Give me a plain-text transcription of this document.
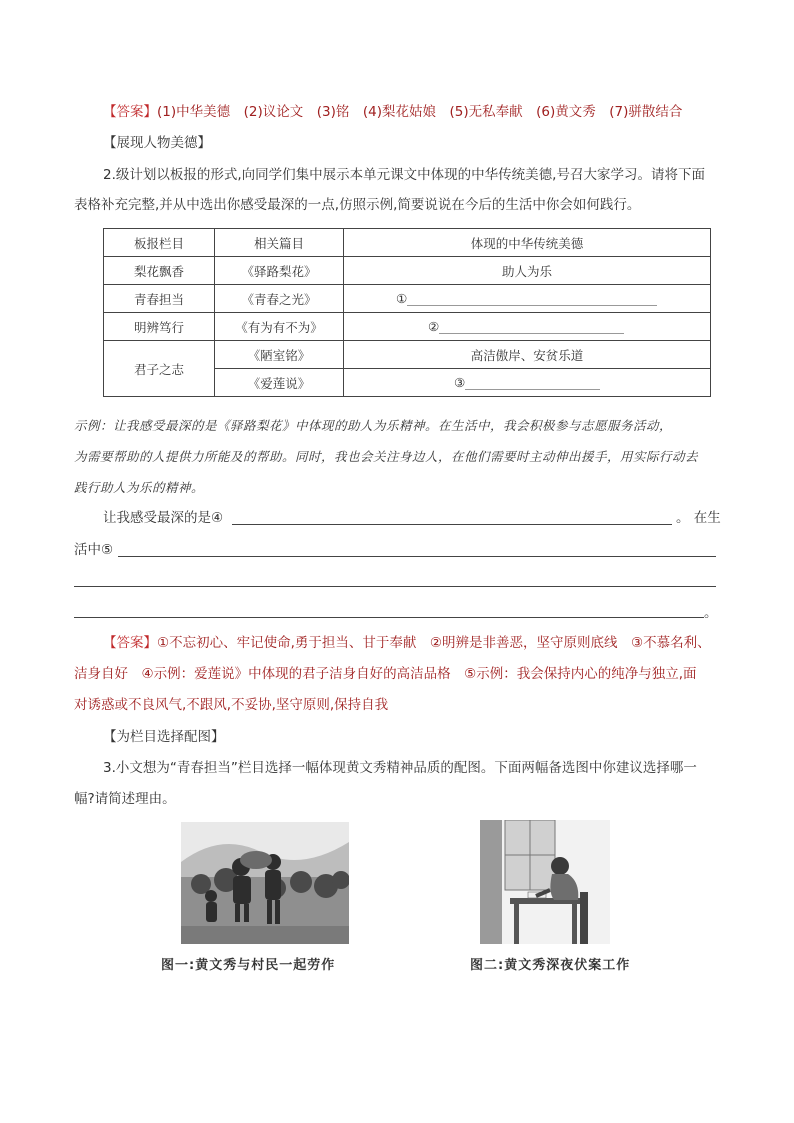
【答案】(1)中华美德　(2)议论文　(3)铭　(4)梨花姑娘　(5)无私奉献　(6)黄文秀　(7)骈散结合
【展现人物美德】
2.级计划以板报的形式,向同学们集中展示本单元课文中体现的中华传统美德,号召大家学习。请将下面
表格补充完整,并从中选出你感受最深的一点,仿照示例,简要说说在今后的生活中你会如何践行。
板报栏目	相关篇目	体现的中华传统美德
梨花飘香	《驿路梨花》	助人为乐
青春担当	《青春之光》	①
明辨笃行	《有为有不为》	②
君子之志	《陋室铭》	高洁傲岸、安贫乐道
	《爱莲说》	③
示例：让我感受最深的是《驿路梨花》中体现的助人为乐精神。在生活中，我会积极参与志愿服务活动，
为需要帮助的人提供力所能及的帮助。同时，我也会关注身边人，在他们需要时主动伸出援手，用实际行动去
践行助人为乐的精神。
让我感受最深的是④	。 在生
活中⑤
。
【答案】①不忘初心、牢记使命,勇于担当、甘于奉献　②明辨是非善恶，坚守原则底线　③不慕名利、
洁身自好　④示例：爱莲说》中体现的君子洁身自好的高洁品格　⑤示例：我会保持内心的纯净与独立,面
对诱惑或不良风气,不跟风,不妥协,坚守原则,保持自我
【为栏目选择配图】
3.小文想为“青春担当”栏目选择一幅体现黄文秀精神品质的配图。下面两幅备选图中你建议选择哪一
幅?请简述理由。
图一:黄文秀与村民一起劳作	图二:黄文秀深夜伏案工作
